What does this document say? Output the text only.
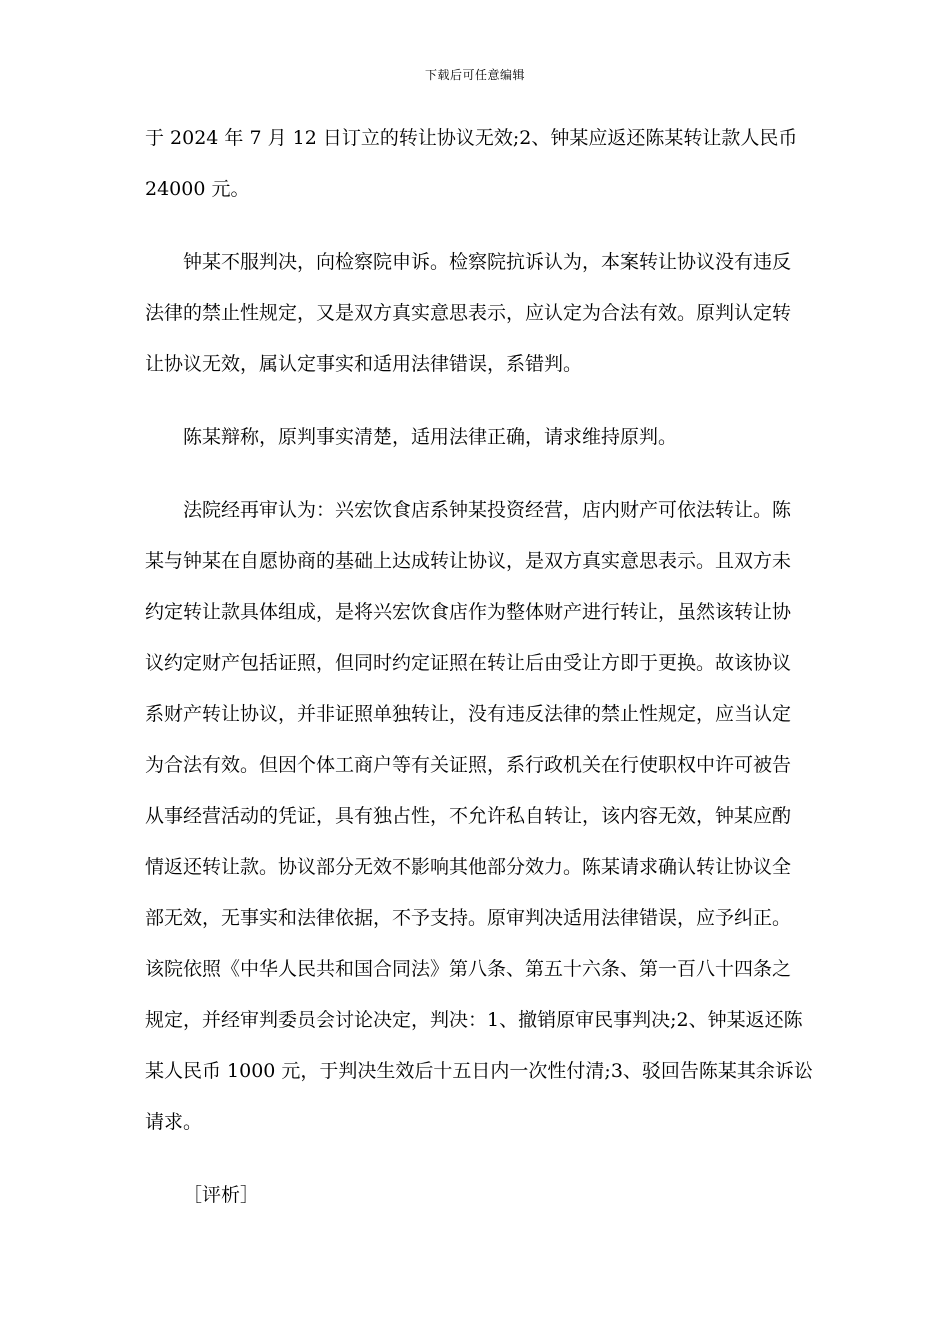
下载后可任意编辑
于 2024 年 7 月 12 日订立的转让协议无效;2、钟某应返还陈某转让款人民币
24000 元。
钟某不服判决，向检察院申诉。检察院抗诉认为，本案转让协议没有违反
法律的禁止性规定，又是双方真实意思表示，应认定为合法有效。原判认定转
让协议无效，属认定事实和适用法律错误，系错判。
陈某辩称，原判事实清楚，适用法律正确，请求维持原判。
法院经再审认为：兴宏饮食店系钟某投资经营，店内财产可依法转让。陈
某与钟某在自愿协商的基础上达成转让协议，是双方真实意思表示。且双方未
约定转让款具体组成，是将兴宏饮食店作为整体财产进行转让，虽然该转让协
议约定财产包括证照，但同时约定证照在转让后由受让方即于更换。故该协议
系财产转让协议，并非证照单独转让，没有违反法律的禁止性规定，应当认定
为合法有效。但因个体工商户等有关证照，系行政机关在行使职权中许可被告
从事经营活动的凭证，具有独占性，不允许私自转让，该内容无效，钟某应酌
情返还转让款。协议部分无效不影响其他部分效力。陈某请求确认转让协议全
部无效，无事实和法律依据，不予支持。原审判决适用法律错误，应予纠正。
该院依照《中华人民共和国合同法》第八条、第五十六条、第一百八十四条之
规定，并经审判委员会讨论决定，判决：1、撤销原审民事判决;2、钟某返还陈
某人民币 1000 元，于判决生效后十五日内一次性付清;3、驳回告陈某其余诉讼
请求。
［评析］
